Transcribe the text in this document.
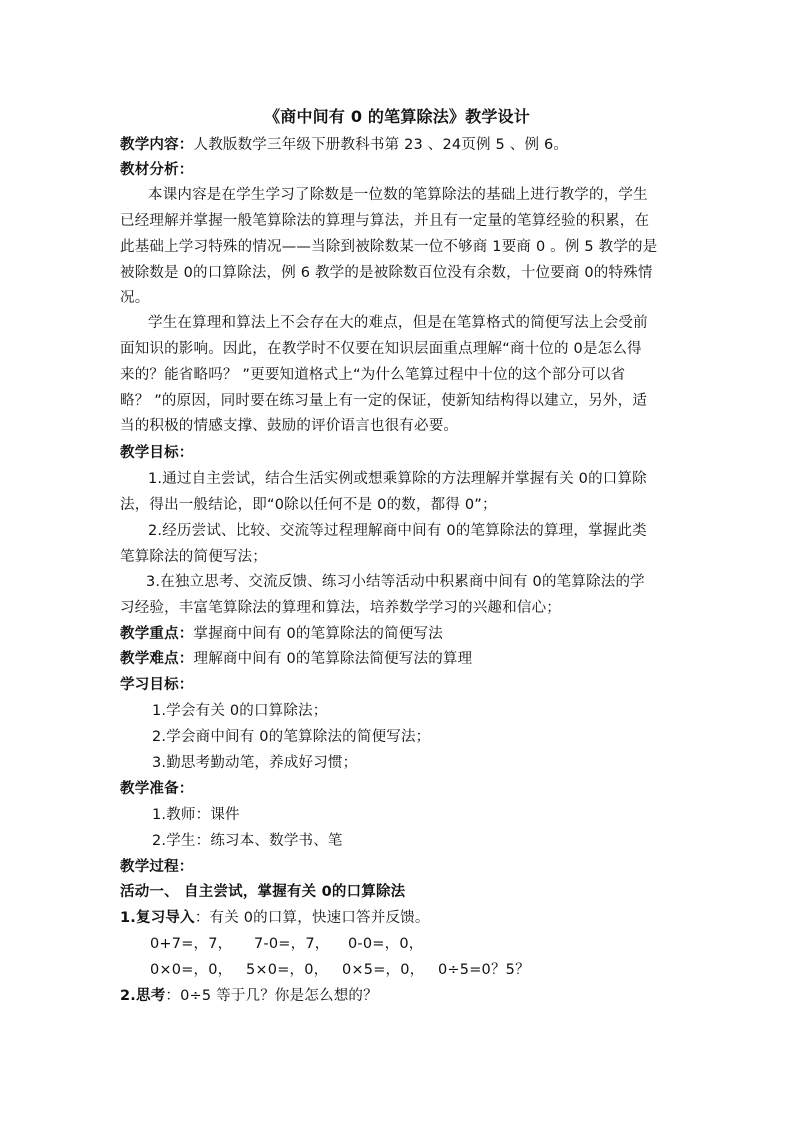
《商中间有 0 的笔算除法》教学设计
教学内容：人教版数学三年级下册教科书第 23 、24页例 5 、例 6。
教材分析：
本课内容是在学生学习了除数是一位数的笔算除法的基础上进行教学的，学生
已经理解并掌握一般笔算除法的算理与算法，并且有一定量的笔算经验的积累，在
此基础上学习特殊的情况——当除到被除数某一位不够商 1要商 0 。例 5 教学的是
被除数是 0的口算除法，例 6 教学的是被除数百位没有余数，十位要商 0的特殊情
况。
学生在算理和算法上不会存在大的难点，但是在笔算格式的简便写法上会受前
面知识的影响。因此，在教学时不仅要在知识层面重点理解“商十位的 0是怎么得
来的？能省略吗？ ”更要知道格式上“为什么笔算过程中十位的这个部分可以省
略？ ”的原因，同时要在练习量上有一定的保证，使新知结构得以建立，另外，适
当的积极的情感支撑、鼓励的评价语言也很有必要。
教学目标：
1.通过自主尝试，结合生活实例或想乘算除的方法理解并掌握有关 0的口算除
法，得出一般结论，即“0除以任何不是 0的数，都得 0”；
2.经历尝试、比较、交流等过程理解商中间有 0的笔算除法的算理，掌握此类
笔算除法的简便写法；
3.在独立思考、交流反馈、练习小结等活动中积累商中间有 0的笔算除法的学
习经验，丰富笔算除法的算理和算法，培养数学学习的兴趣和信心；
教学重点：掌握商中间有 0的笔算除法的简便写法
教学难点：理解商中间有 0的笔算除法简便写法的算理
学习目标：
1.学会有关 0的口算除法；
2.学会商中间有 0的笔算除法的简便写法；
3.勤思考勤动笔，养成好习惯；
教学准备：
1.教师：课件
2.学生：练习本、数学书、笔
教学过程：
活动一、 自主尝试，掌握有关 0的口算除法
1.复习导入：有关 0的口算，快速口答并反馈。
0+7=，7， 7-0=，7， 0-0=，0，
0×0=，0， 5×0=，0， 0×5=，0， 0÷5=0？5？
2.思考：0÷5 等于几？你是怎么想的？
